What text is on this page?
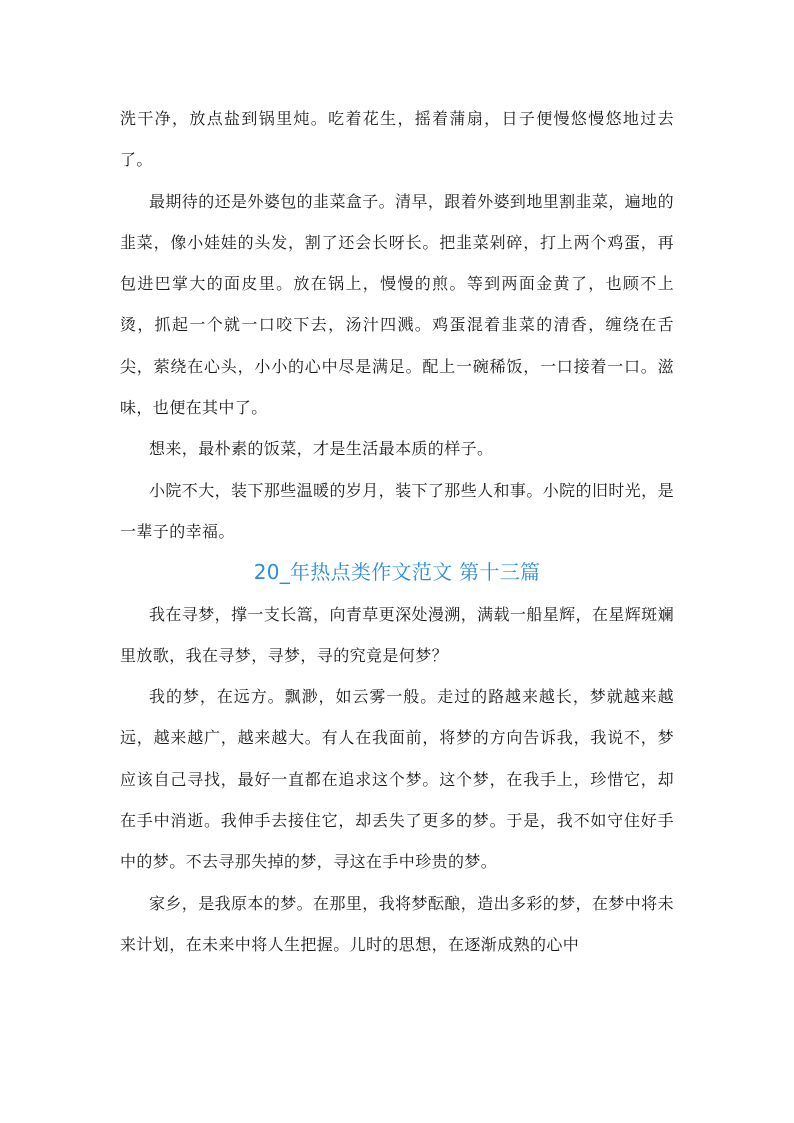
洗干净，放点盐到锅里炖。吃着花生，摇着蒲扇，日子便慢悠慢悠地过去了。

最期待的还是外婆包的韭菜盒子。清早，跟着外婆到地里割韭菜，遍地的韭菜，像小娃娃的头发，割了还会长呀长。把韭菜剁碎，打上两个鸡蛋，再包进巴掌大的面皮里。放在锅上，慢慢的煎。等到两面金黄了，也顾不上烫，抓起一个就一口咬下去，汤汁四溅。鸡蛋混着韭菜的清香，缠绕在舌尖，萦绕在心头，小小的心中尽是满足。配上一碗稀饭，一口接着一口。滋味，也便在其中了。

想来，最朴素的饭菜，才是生活最本质的样子。

小院不大，装下那些温暖的岁月，装下了那些人和事。小院的旧时光，是一辈子的幸福。

20_年热点类作文范文 第十三篇

我在寻梦，撑一支长篙，向青草更深处漫溯，满载一船星辉，在星辉斑斓里放歌，我在寻梦，寻梦，寻的究竟是何梦？

我的梦，在远方。飘渺，如云雾一般。走过的路越来越长，梦就越来越远，越来越广，越来越大。有人在我面前，将梦的方向告诉我，我说不，梦应该自己寻找，最好一直都在追求这个梦。这个梦，在我手上，珍惜它，却在手中消逝。我伸手去接住它，却丢失了更多的梦。于是，我不如守住好手中的梦。不去寻那失掉的梦，寻这在手中珍贵的梦。

家乡，是我原本的梦。在那里，我将梦酝酿，造出多彩的梦，在梦中将未来计划，在未来中将人生把握。儿时的思想，在逐渐成熟的心中
